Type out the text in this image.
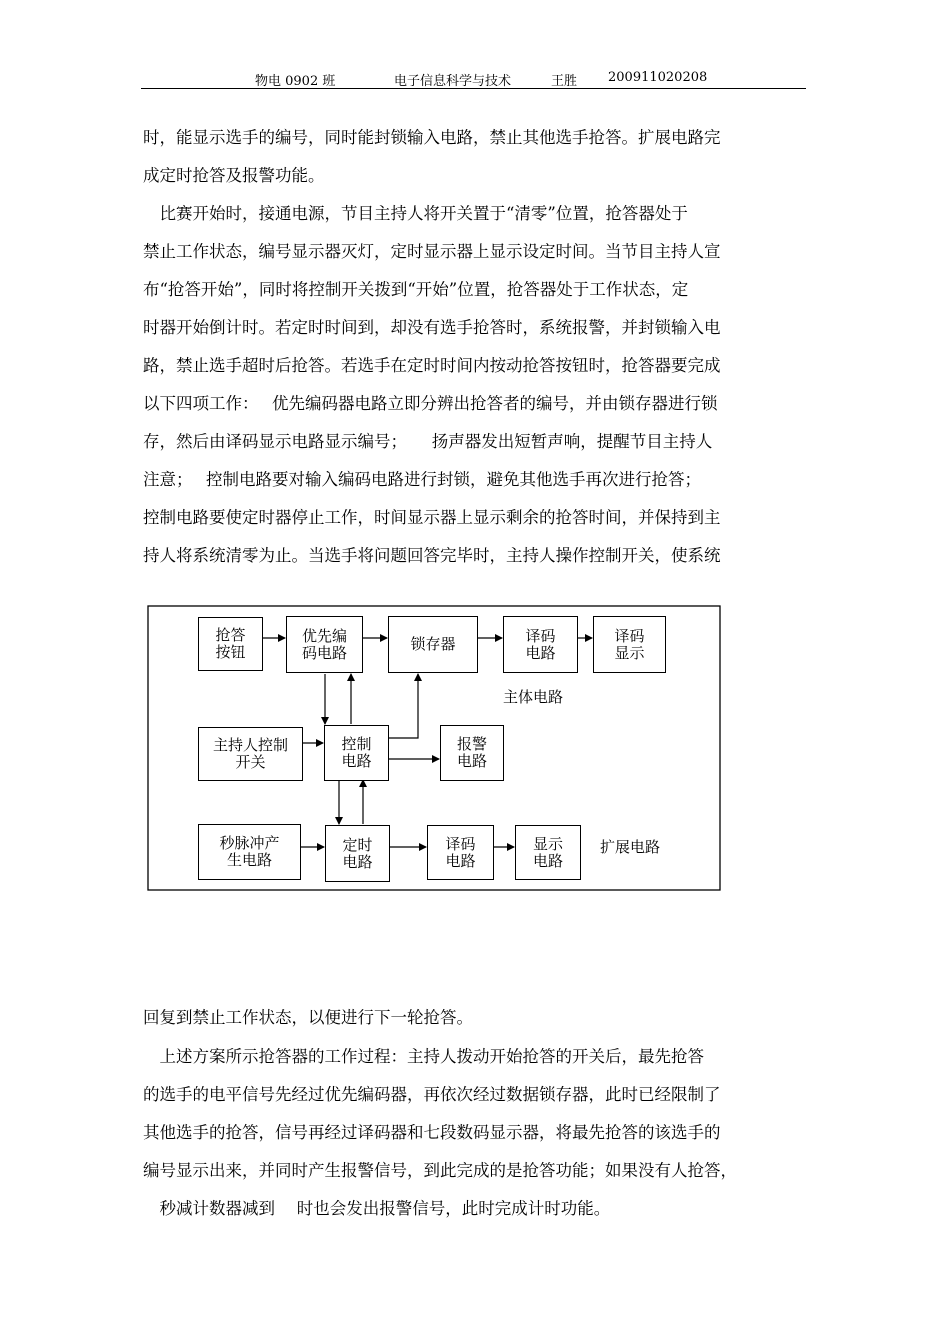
物电 0902 班	电子信息科学与技术	王胜 200911020208
时，能显示选手的编号，同时能封锁输入电路，禁止其他选手抢答。扩展电路完
成定时抢答及报警功能。
　比赛开始时，接通电源，节目主持人将开关置于“清零”位置，抢答器处于
禁止工作状态，编号显示器灭灯，定时显示器上显示设定时间。当节目主持人宣
布“抢答开始”，同时将控制开关拨到“开始”位置，抢答器处于工作状态，定
时器开始倒计时。若定时时间到，却没有选手抢答时，系统报警，并封锁输入电
路，禁止选手超时后抢答。若选手在定时时间内按动抢答按钮时，抢答器要完成
以下四项工作：　 优先编码器电路立即分辨出抢答者的编号，并由锁存器进行锁
存，然后由译码显示电路显示编号；　　扬声器发出短暂声响，提醒节目主持人
注意；　 控制电路要对输入编码电路进行封锁，避免其他选手再次进行抢答；
控制电路要使定时器停止工作，时间显示器上显示剩余的抢答时间，并保持到主
持人将系统清零为止。当选手将问题回答完毕时，主持人操作控制开关，使系统
抢答
按钮
优先编
码电路	锁存器	译码
电路
译码
显示
主体电路
主持人控制
开关
控制
电路
报警
电路
秒脉冲产
生电路
定时
电路
译码
电路
显示
电路
扩展电路
回复到禁止工作状态，以便进行下一轮抢答。
　上述方案所示抢答器的工作过程：主持人拨动开始抢答的开关后，最先抢答
的选手的电平信号先经过优先编码器，再依次经过数据锁存器，此时已经限制了
其他选手的抢答，信号再经过译码器和七段数码显示器，将最先抢答的该选手的
编号显示出来，并同时产生报警信号，到此完成的是抢答功能；如果没有人抢答，
　秒减计数器减到　 时也会发出报警信号，此时完成计时功能。
